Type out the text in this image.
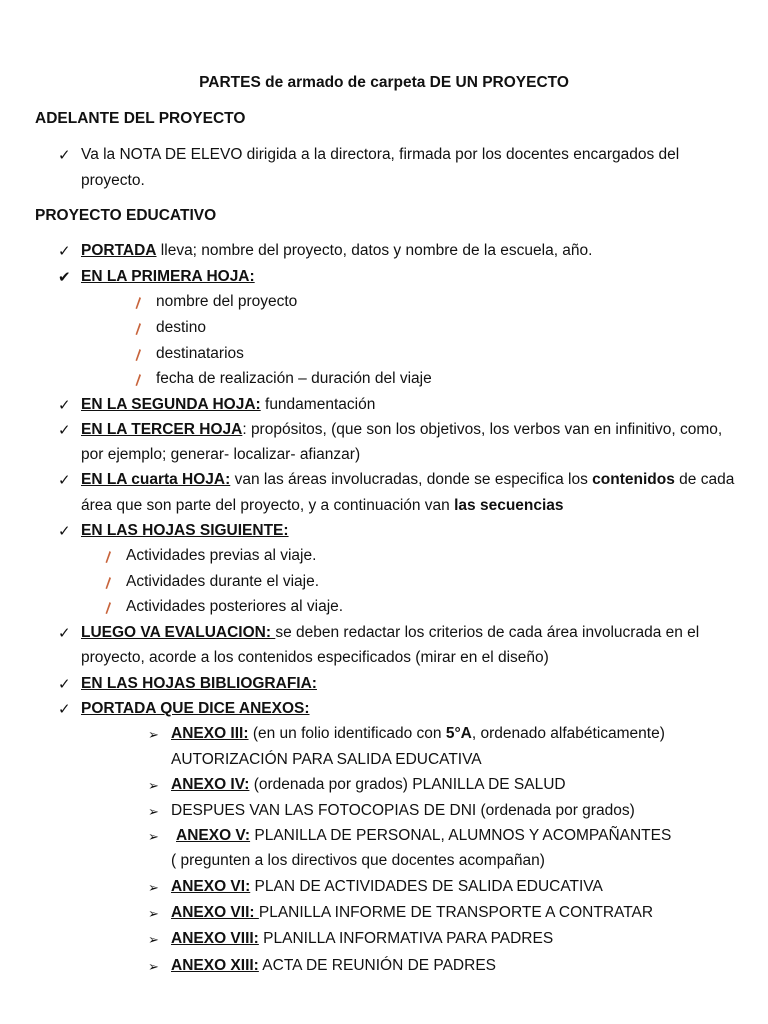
PARTES de armado de carpeta DE UN PROYECTO
ADELANTE DEL PROYECTO
✓ Va la NOTA DE ELEVO dirigida a la directora, firmada por los docentes encargados del
proyecto.
PROYECTO EDUCATIVO
✓ PORTADA lleva; nombre del proyecto, datos y nombre de la escuela, año.
✔ EN LA PRIMERA HOJA:
nombre del proyecto
destino
destinatarios
fecha de realización – duración del viaje
✓ EN LA SEGUNDA HOJA: fundamentación
✓ EN LA TERCER HOJA: propósitos, (que son los objetivos, los verbos van en infinitivo, como,
por ejemplo; generar- localizar- afianzar)
✓ EN LA cuarta HOJA: van las áreas involucradas, donde se especifica los contenidos de cada
área que son parte del proyecto, y a continuación van las secuencias
✓ EN LAS HOJAS SIGUIENTE:
Actividades previas al viaje.
Actividades durante el viaje.
Actividades posteriores al viaje.
✓ LUEGO VA EVALUACION: se deben redactar los criterios de cada área involucrada en el
proyecto, acorde a los contenidos especificados (mirar en el diseño)
✓ EN LAS HOJAS BIBLIOGRAFIA:
✓ PORTADA QUE DICE ANEXOS:
➢ ANEXO III: (en un folio identificado con 5°A, ordenado alfabéticamente)
AUTORIZACIÓN PARA SALIDA EDUCATIVA
➢ ANEXO IV: (ordenada por grados) PLANILLA DE SALUD
➢ DESPUES VAN LAS FOTOCOPIAS DE DNI (ordenada por grados)
➢ ANEXO V: PLANILLA DE PERSONAL, ALUMNOS Y ACOMPAÑANTES
( pregunten a los directivos que docentes acompañan)
➢ ANEXO VI: PLAN DE ACTIVIDADES DE SALIDA EDUCATIVA
➢ ANEXO VII: PLANILLA INFORME DE TRANSPORTE A CONTRATAR
➢ ANEXO VIII: PLANILLA INFORMATIVA PARA PADRES
➢ ANEXO XIII: ACTA DE REUNIÓN DE PADRES
